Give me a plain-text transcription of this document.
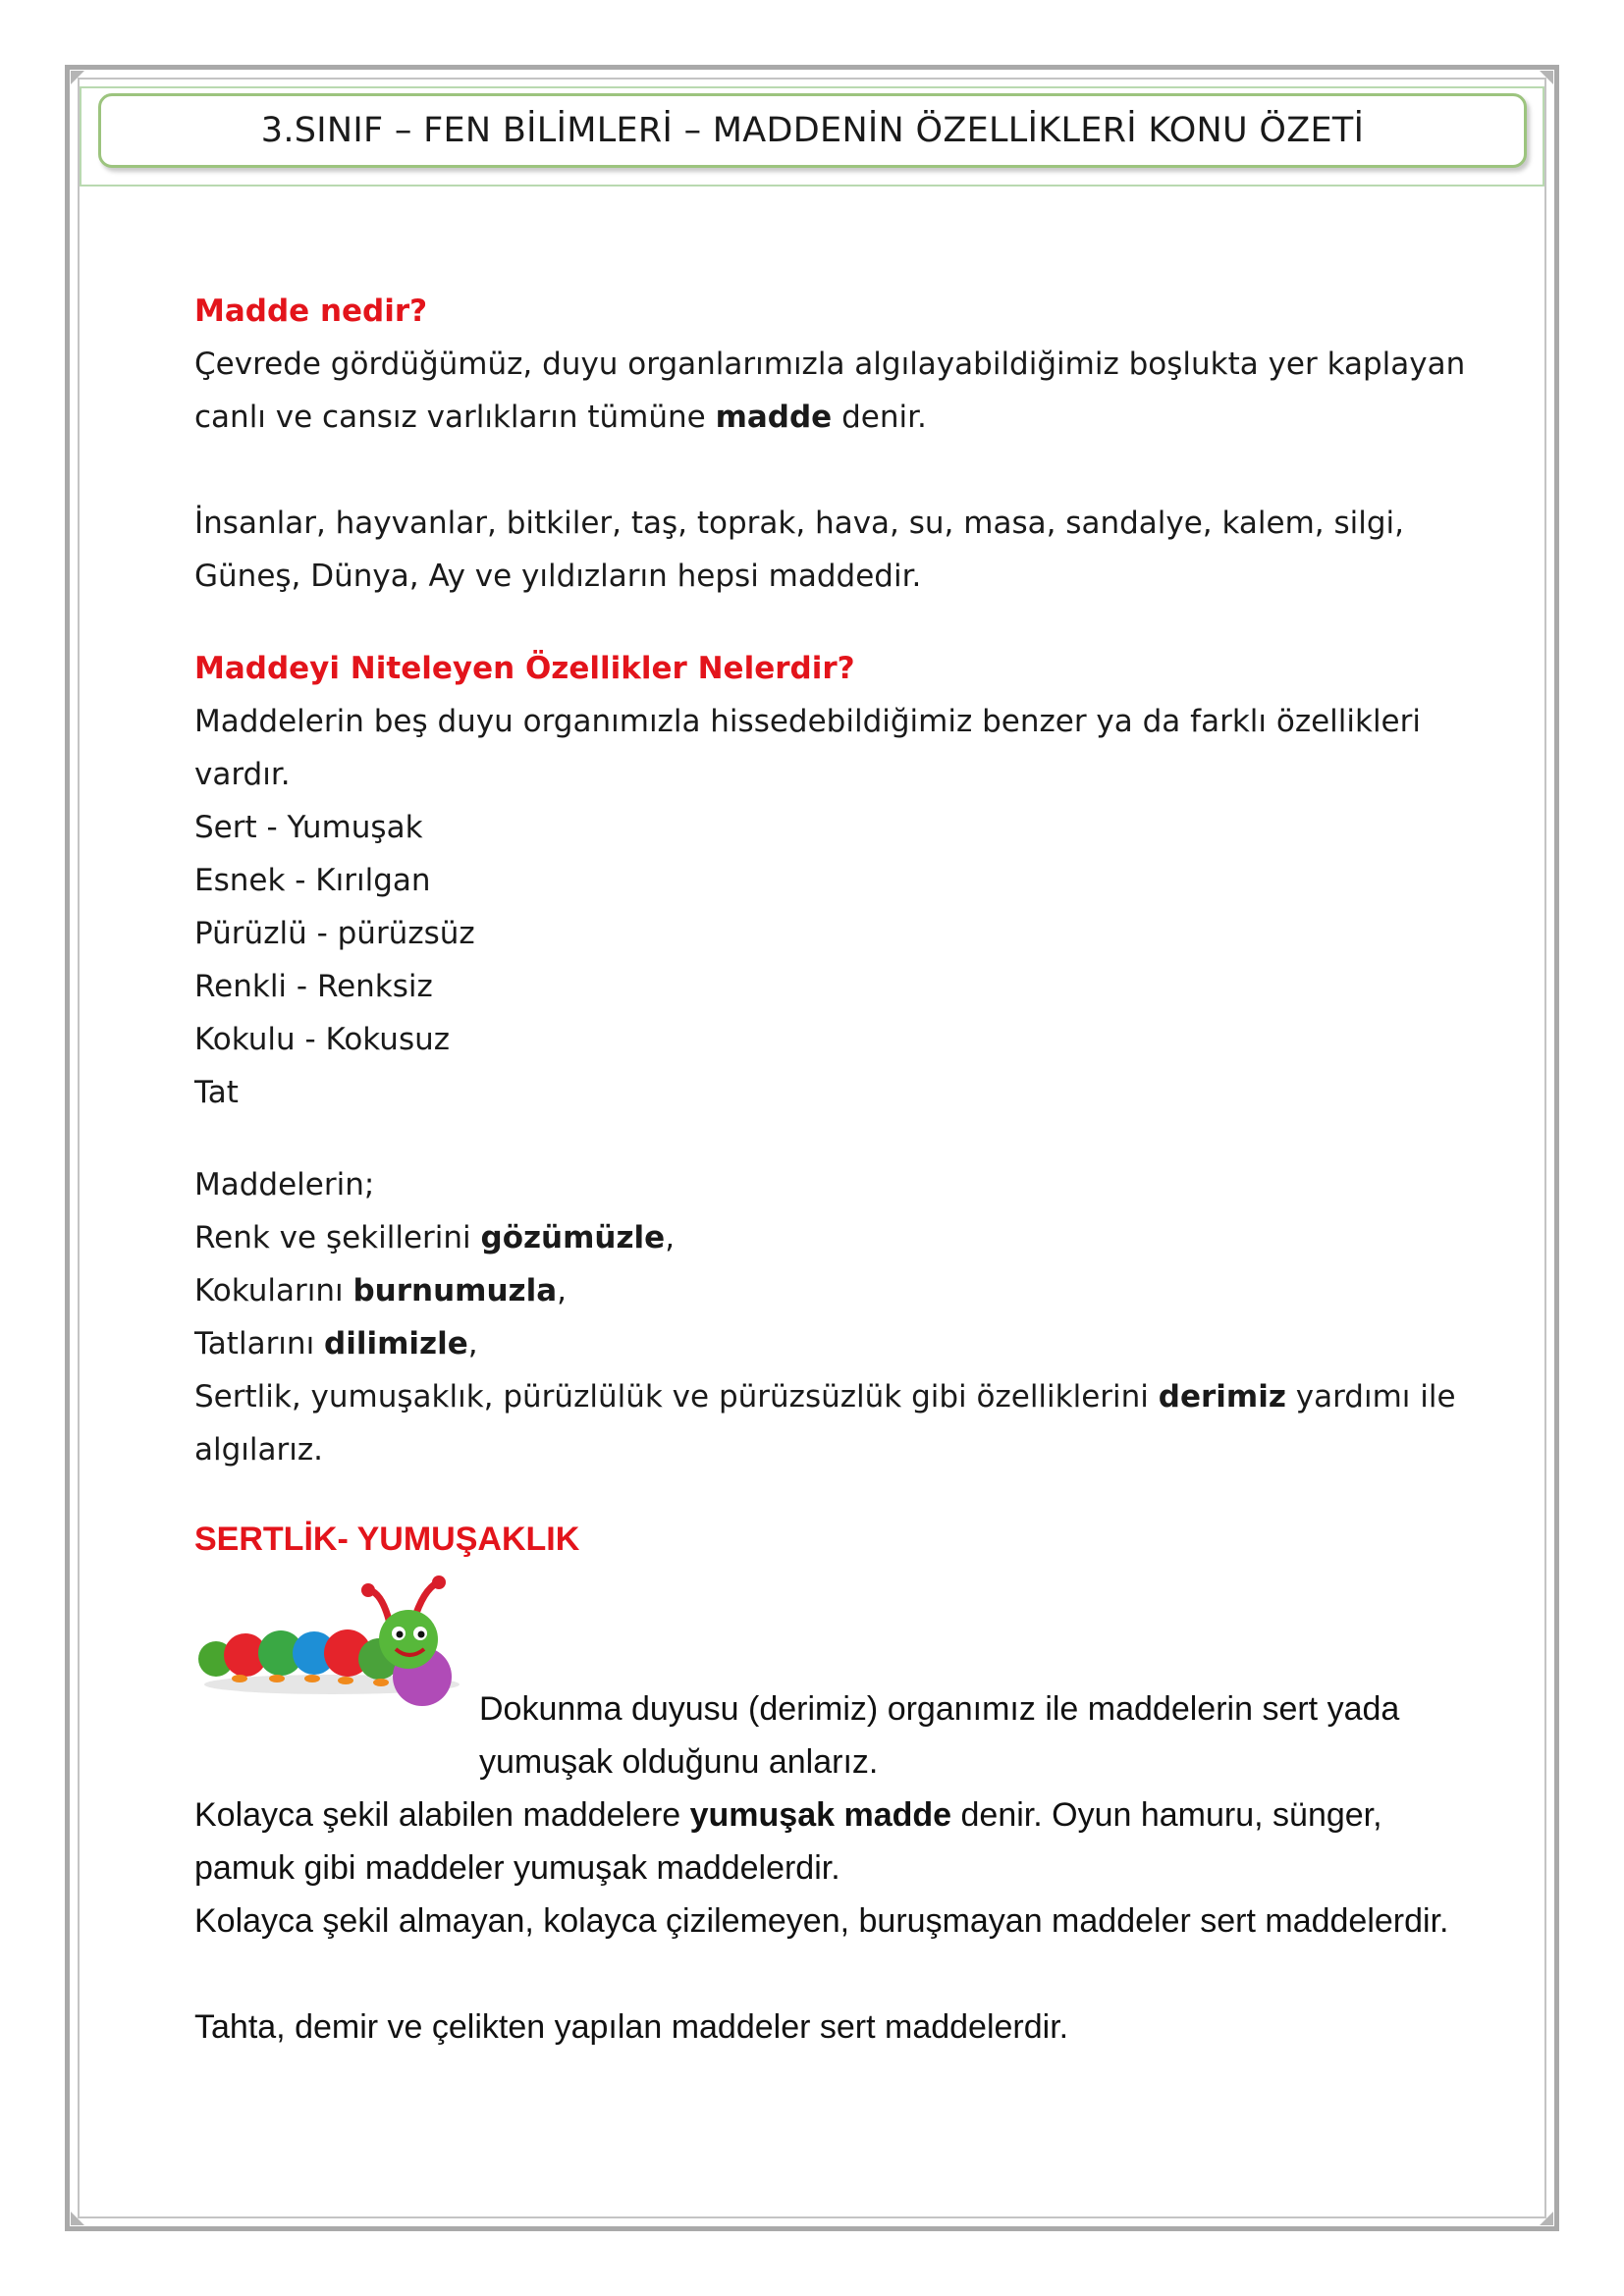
3.SINIF – FEN BİLİMLERİ – MADDENİN ÖZELLİKLERİ KONU ÖZETİ

Madde nedir?

Çevrede gördüğümüz, duyu organlarımızla algılayabildiğimiz boşlukta yer kaplayan canlı ve cansız varlıkların tümüne madde denir.

İnsanlar, hayvanlar, bitkiler, taş, toprak, hava, su, masa, sandalye, kalem, silgi, Güneş, Dünya, Ay ve yıldızların hepsi maddedir.

Maddeyi Niteleyen Özellikler Nelerdir?

Maddelerin beş duyu organımızla hissedebildiğimiz benzer ya da farklı özellikleri vardır.

Sert - Yumuşak

Esnek - Kırılgan

Pürüzlü - pürüzsüz

Renkli - Renksiz

Kokulu - Kokusuz

Tat

Maddelerin;

Renk ve şekillerini gözümüzle,

Kokularını burnumuzla,

Tatlarını dilimizle,

Sertlik, yumuşaklık, pürüzlülük ve pürüzsüzlük gibi özelliklerini derimiz yardımı ile algılarız.

SERTLİK- YUMUŞAKLIK

Dokunma duyusu (derimiz) organımız ile maddelerin sert yada yumuşak olduğunu anlarız.

Kolayca şekil alabilen maddelere yumuşak madde denir. Oyun hamuru, sünger, pamuk gibi maddeler yumuşak maddelerdir.

Kolayca şekil almayan, kolayca çizilemeyen, buruşmayan maddeler sert maddelerdir.

Tahta, demir ve çelikten yapılan maddeler sert maddelerdir.
